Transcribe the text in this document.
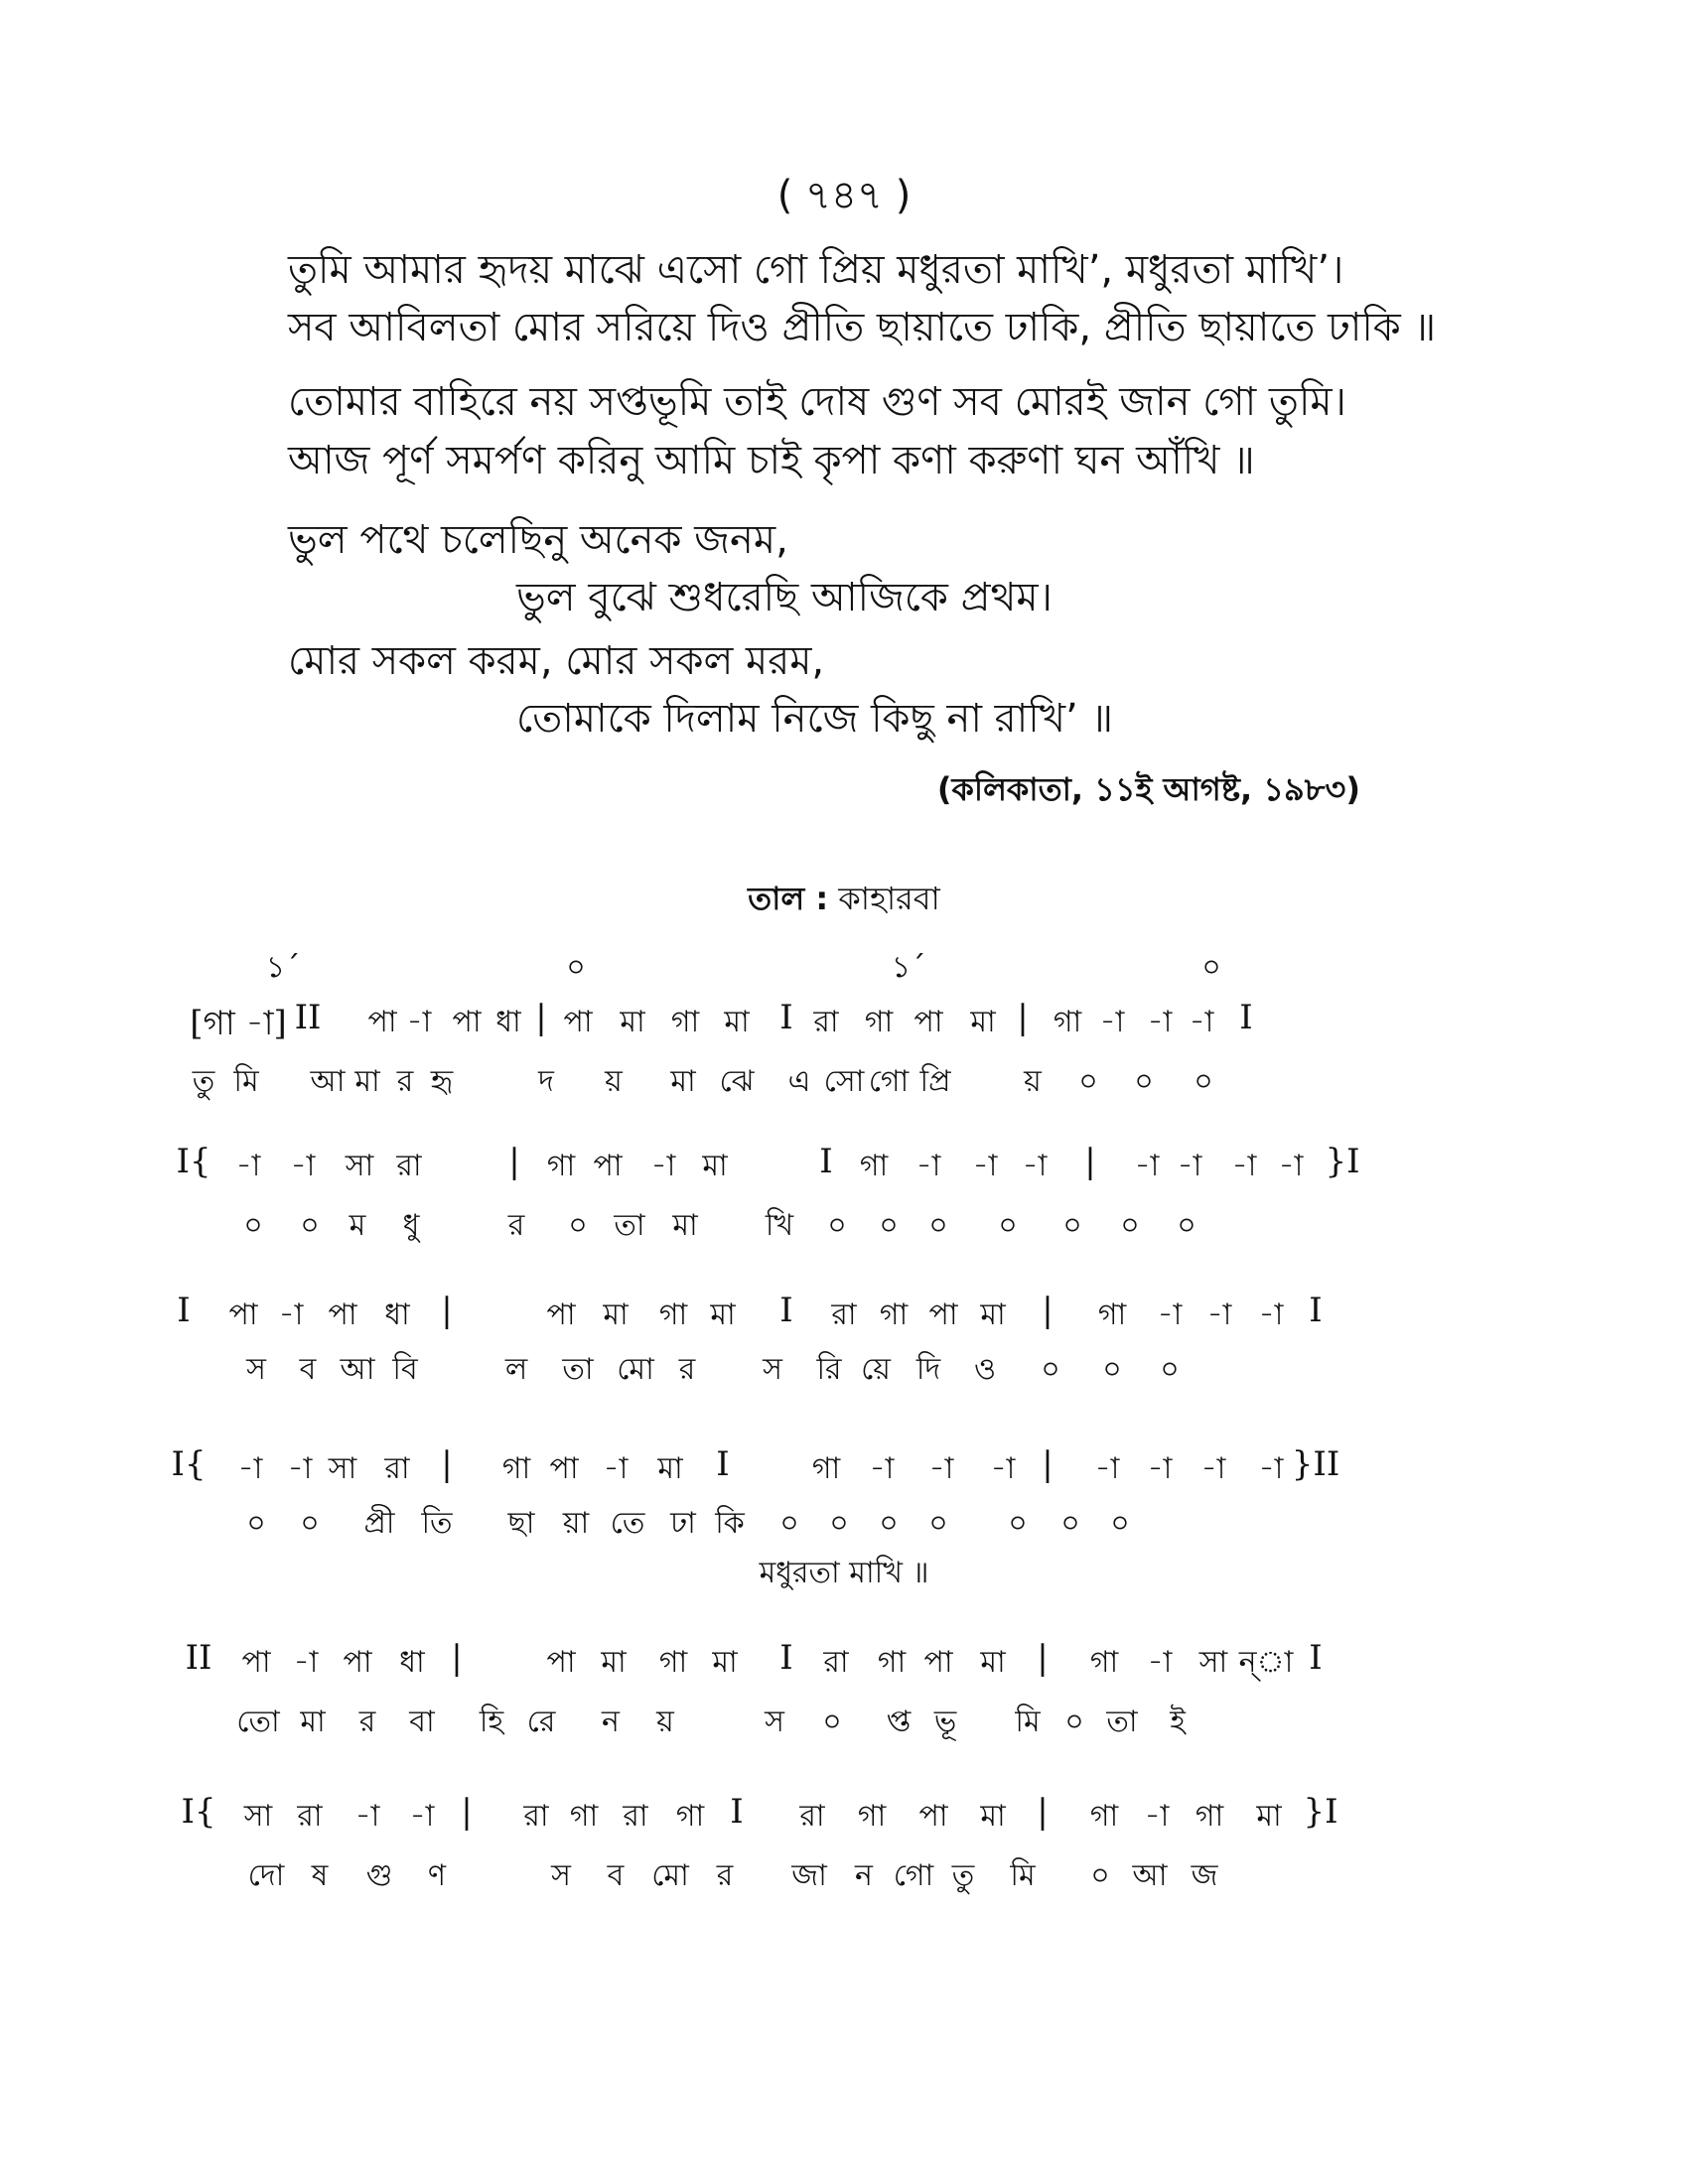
( ৭৪৭ )
তুমি আমার হৃদয় মাঝে এসো গো প্রিয় মধুরতা মাখি’, মধুরতা মাখি’।
সব আবিলতা মোর সরিয়ে দিও প্রীতি ছায়াতে ঢাকি, প্রীতি ছায়াতে ঢাকি ॥
তোমার বাহিরে নয় সপ্তভূমি তাই দোষ গুণ সব মোরই জান গো তুমি।
আজ পূর্ণ সমর্পণ করিনু আমি চাই কৃপা কণা করুণা ঘন আঁখি ॥
ভুল পথে চলেছিনু অনেক জনম,
ভুল বুঝে শুধরেছি আজিকে প্রথম।
মোর সকল করম, মোর সকল মরম,
তোমাকে দিলাম নিজে কিছু না রাখি’ ॥
(কলিকাতা, ১১ই আগষ্ট, ১৯৮৩)
তাল : কাহারবা
১´	০	১´	০
[গা -া] II পা -া পা ধা | পা মা গা মা I রা গা পা মা | গা -া -া -া I
তু মি আ মা র হৃ	দ য় মা ঝে এ সো গো প্রি য় ০ ০ ০
I{ -া -া সা রা	| গা পা -া মা	I গা -া -া -া | -া -া -া -া }I
০ ০ ম ধু	র ০ তা মা খি ০ ০ ০ ০ ০ ০ ০
I পা -া পা ধা |	পা মা গা মা I রা গা পা মা | গা -া -া -া I
স ব আ বি	ল তা মো র স রি য়ে দি ও ০ ০ ০
I{ -া -া সা রা | গা পা -া মা I	গা -া -া -া | -া -া -া -া }II
০ ০ প্রী তি ছা য়া তে ঢা কি ০ ০ ০ ০ ০ ০ ০
II পা -া পা ধা |	পা মা গা মা I রা গা পা মা | গা -া সা ন্‌া I
তো মা র বা হি রে ন য়	স ০ প্ত ভূ মি ০ তা ই
I{ সা রা -া -া | রা গা রা গা I রা গা পা মা | গা -া গা মা }I
দো ষ গু ণ	স ব মো র জা ন গো তু মি ০ আ জ
মধুরতা মাখি ॥
